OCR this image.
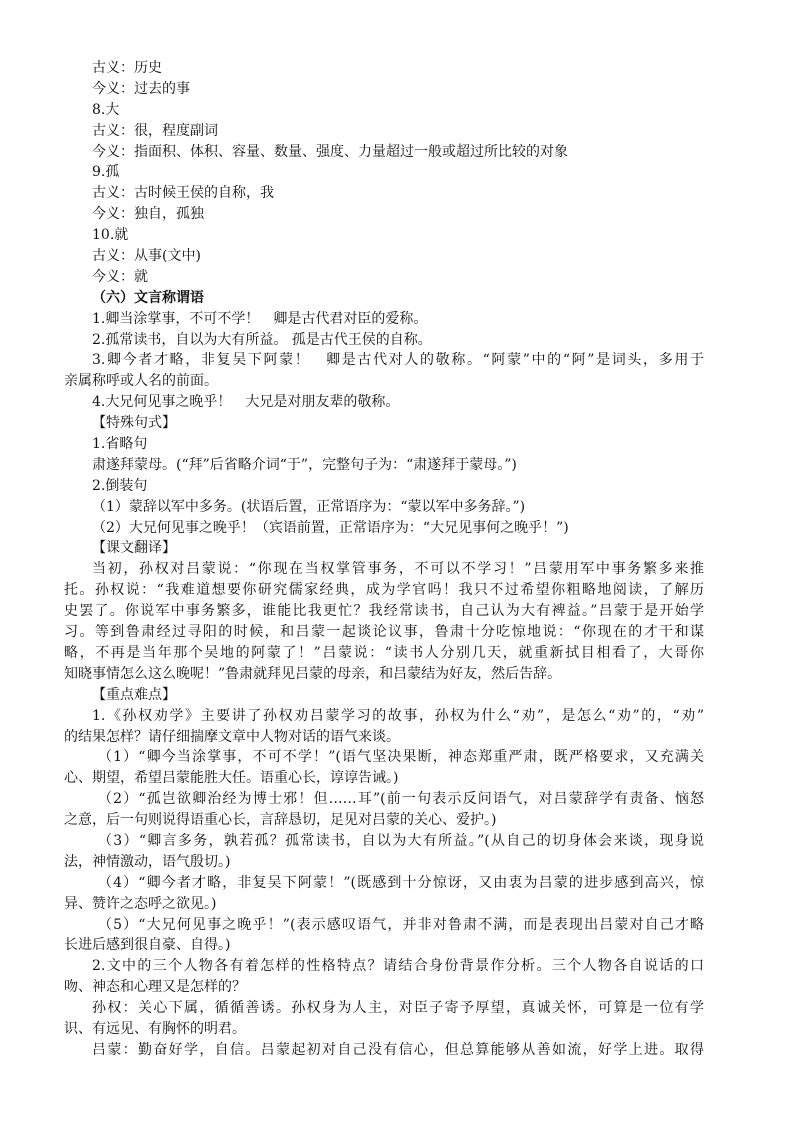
古义：历史
今义：过去的事
8.大
古义：很，程度副词
今义：指面积、体积、容量、数量、强度、力量超过一般或超过所比较的对象
9.孤
古义：古时候王侯的自称，我
今义：独自，孤独
10.就
古义：从事(文中)
今义：就
（六）文言称谓语
1.卿当涂掌事，不可不学！　卿是古代君对臣的爱称。
2.孤常读书，自以为大有所益。 孤是古代王侯的自称。
3.卿今者才略，非复吴下阿蒙！　卿是古代对人的敬称。“阿蒙”中的“阿”是词头，多用于
亲属称呼或人名的前面。
4.大兄何见事之晚乎！　大兄是对朋友辈的敬称。
【特殊句式】
1.省略句
肃遂拜蒙母。(“拜”后省略介词“于”，完整句子为：“肃遂拜于蒙母。”)
2.倒装句
（1）蒙辞以军中多务。(状语后置，正常语序为：“蒙以军中多务辞。”)
（2）大兄何见事之晚乎！（宾语前置，正常语序为：“大兄见事何之晚乎！”)
【课文翻译】
当初，孙权对吕蒙说：“你现在当权掌管事务，不可以不学习！”吕蒙用军中事务繁多来推
托。孙权说：“我难道想要你研究儒家经典，成为学官吗！我只不过希望你粗略地阅读，了解历
史罢了。你说军中事务繁多，谁能比我更忙？我经常读书，自己认为大有裨益。”吕蒙于是开始学
习。等到鲁肃经过寻阳的时候，和吕蒙一起谈论议事，鲁肃十分吃惊地说：“你现在的才干和谋
略，不再是当年那个吴地的阿蒙了！”吕蒙说：“读书人分别几天，就重新拭目相看了，大哥你
知晓事情怎么这么晚呢！”鲁肃就拜见吕蒙的母亲，和吕蒙结为好友，然后告辞。
【重点难点】
1.《孙权劝学》主要讲了孙权劝吕蒙学习的故事，孙权为什么“劝”，是怎么“劝”的，“劝”
的结果怎样？请仔细揣摩文章中人物对话的语气来谈。
（1）“卿今当涂掌事，不可不学！”(语气坚决果断，神态郑重严肃，既严格要求，又充满关
心、期望，希望吕蒙能胜大任。语重心长，谆谆告诫。)
（2）“孤岂欲卿治经为博士邪！但……耳”(前一句表示反问语气，对吕蒙辞学有责备、恼怒
之意，后一句则说得语重心长，言辞恳切，足见对吕蒙的关心、爱护。)
（3）“卿言多务，孰若孤？孤常读书，自以为大有所益。”(从自己的切身体会来谈，现身说
法，神情激动，语气殷切。)
（4）“卿今者才略，非复吴下阿蒙！”(既感到十分惊讶，又由衷为吕蒙的进步感到高兴，惊
异、赞许之态呼之欲见。)
（5）“大兄何见事之晚乎！”(表示感叹语气，并非对鲁肃不满，而是表现出吕蒙对自己才略
长进后感到很自豪、自得。)
2.文中的三个人物各有着怎样的性格特点？请结合身份背景作分析。三个人物各自说话的口
吻、神态和心理又是怎样的？
孙权：关心下属，循循善诱。孙权身为人主，对臣子寄予厚望，真诚关怀，可算是一位有学
识、有远见、有胸怀的明君。
吕蒙：勤奋好学，自信。吕蒙起初对自己没有信心，但总算能够从善如流，好学上进。取得
